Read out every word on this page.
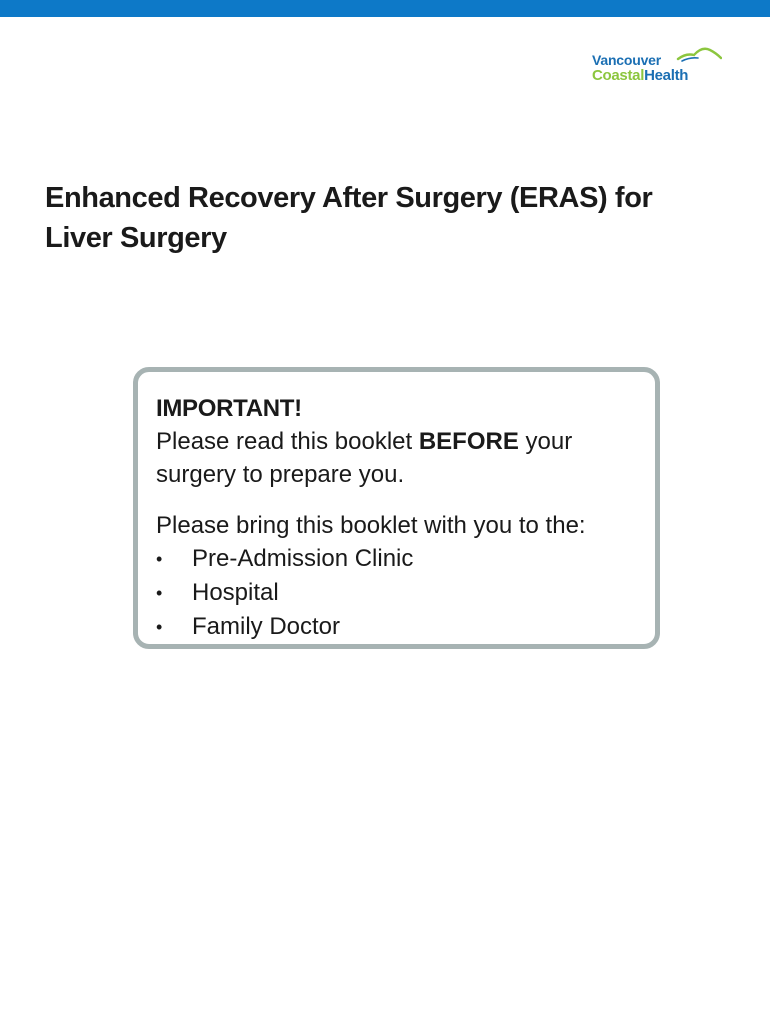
Vancouver
CoastalHealth
Enhanced Recovery After Surgery (ERAS) for Liver Surgery
IMPORTANT!

Please read this booklet BEFORE your surgery to prepare you.

Please bring this booklet with you to the:

• Pre-Admission Clinic
• Hospital
• Family Doctor
